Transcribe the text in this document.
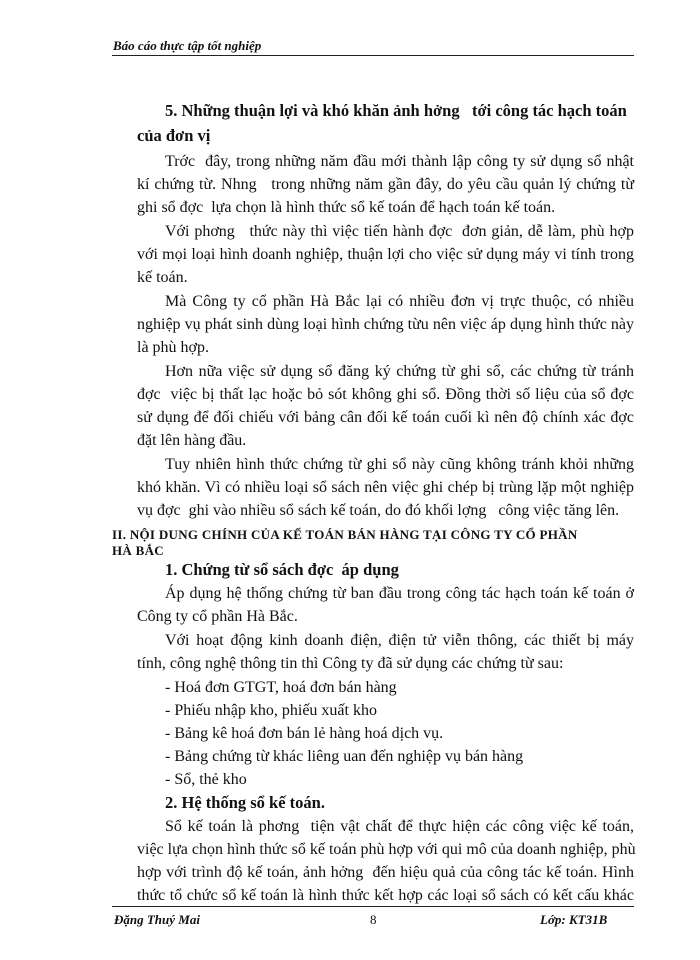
Báo cáo thực tập tốt nghiệp
5. Những thuận lợi và khó khăn ảnh hởng   tới công tác hạch toán
của đơn vị
Trớc  đây, trong những năm đầu mới thành lập công ty sử dụng sổ nhật
kí chứng từ. Nhng   trong những năm gần đây, do yêu cầu quản lý chứng từ
ghi sổ đợc  lựa chọn là hình thức sổ kế toán để hạch toán kế toán.
Với phơng   thức này thì việc tiến hành đợc  đơn giản, dễ làm, phù hợp
với mọi loại hình doanh nghiệp, thuận lợi cho việc sử dụng máy vi tính trong
kế toán.
Mà Công ty cổ phần Hà Bắc lại có nhiều đơn vị trực thuộc, có nhiều
nghiệp vụ phát sinh dùng loại hình chứng từu nên việc áp dụng hình thức này
là phù hợp.
Hơn nữa việc sử dụng sổ đăng ký chứng từ ghi sổ, các chứng từ tránh
đợc  việc bị thất lạc hoặc bỏ sót không ghi sổ. Đồng thời số liệu của sổ đợc
sử dụng để đối chiếu với bảng cân đối kế toán cuối kì nên độ chính xác đợc
đặt lên hàng đầu.
Tuy nhiên hình thức chứng từ ghi sổ này cũng không tránh khỏi những
khó khăn. Vì có nhiều loại sổ sách nên việc ghi chép bị trùng lặp một nghiệp
vụ đợc  ghi vào nhiều sổ sách kế toán, do đó khối lợng   công việc tăng lên.
II. NỘI DUNG CHÍNH CỦA KẾ TOÁN BÁN HÀNG TẠI CÔNG TY CỔ PHẦN
HÀ BẮC
1. Chứng từ sổ sách đợc  áp dụng
Áp dụng hệ thống chứng từ ban đầu trong công tác hạch toán kế toán ở
Công ty cổ phần Hà Bắc.
Với hoạt động kinh doanh điện, điện tử viễn thông, các thiết bị máy
tính, công nghệ thông tin thì Công ty đã sử dụng các chứng từ sau:
- Hoá đơn GTGT, hoá đơn bán hàng
- Phiếu nhập kho, phiếu xuất kho
- Bảng kê hoá đơn bán lẻ hàng hoá dịch vụ.
- Bảng chứng từ khác liêng uan đến nghiệp vụ bán hàng
- Sổ, thẻ kho
2. Hệ thống sổ kế toán.
Sổ kế toán là phơng  tiện vật chất để thực hiện các công việc kế toán,
việc lựa chọn hình thức sổ kế toán phù hợp với qui mô của doanh nghiệp, phù
hợp với trình độ kế toán, ảnh hởng  đến hiệu quả của công tác kế toán. Hình
thức tổ chức sổ kế toán là hình thức kết hợp các loại sổ sách có kết cấu khác
Đặng Thuý Mai	8	Lớp: KT31B
